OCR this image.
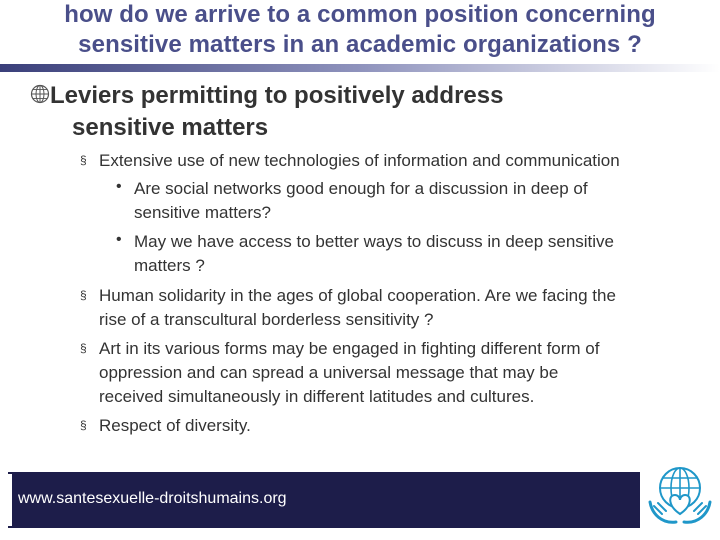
how do we arrive to a common position concerning
sensitive matters in an academic organizations ?
Leviers permitting to positively address
sensitive matters
§ Extensive use of new technologies of information and communication
• Are social networks good enough for a discussion in deep of
sensitive matters?
• May we have access to better ways to discuss in deep sensitive
matters ?
§ Human solidarity in the ages of global cooperation. Are we facing the
rise of a transcultural borderless sensitivity ?
§ Art in its various forms may be engaged in fighting different form of
oppression and can spread a universal message that may be
received simultaneously in different latitudes and cultures.
§ Respect of diversity.
www.santesexuelle-droitshumains.org
